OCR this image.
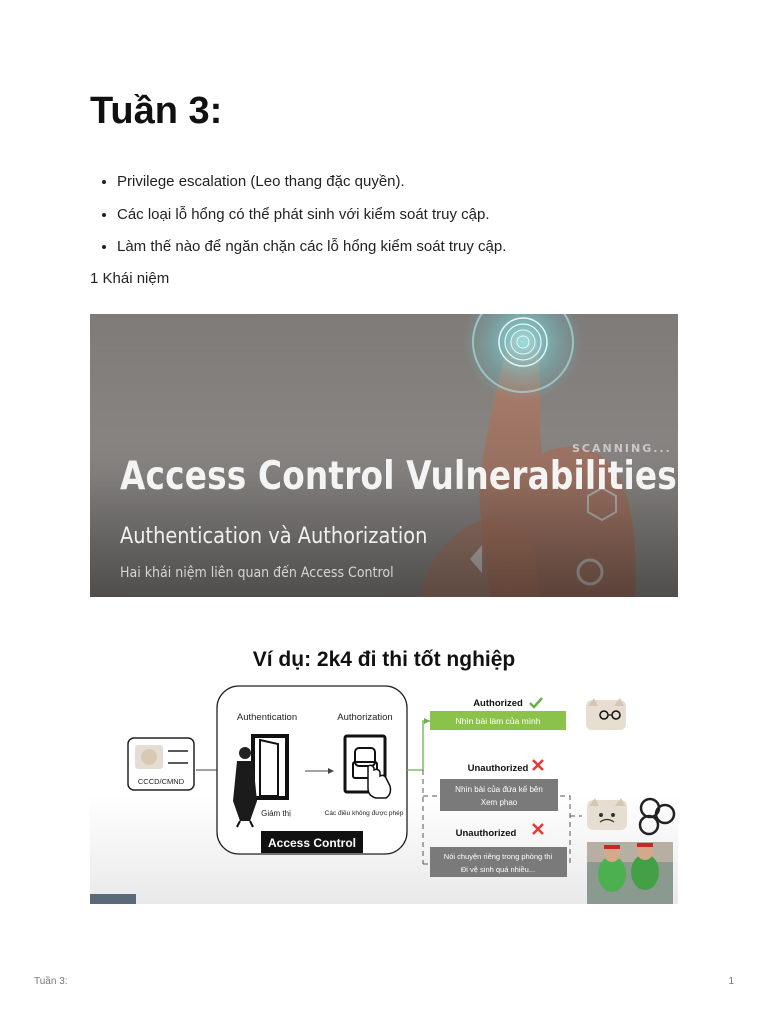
Tuần 3:
• Privilege escalation (Leo thang đặc quyền).
• Các loại lỗ hổng có thể phát sinh với kiểm soát truy cập.
• Làm thế nào để ngăn chặn các lỗ hổng kiểm soát truy cập.

1 Khái niệm

SCANNING...
Access Control Vulnerabilities

Authentication và Authorization

Hai khái niệm liên quan đến Access Control

Ví dụ: 2k4 đi thi tốt nghiệp
CCCD/CMND
Authentication	Authorization
Giám thị	Các điều không được phép
Access Control
Authorized
Nhìn bài làm của mình
Unauthorized
Nhìn bài của đứa kế bên
Xem phao
Unauthorized
Nói chuyện riêng trong phòng thi
Đi vệ sinh quá nhiều...
Tuần 3:	1
